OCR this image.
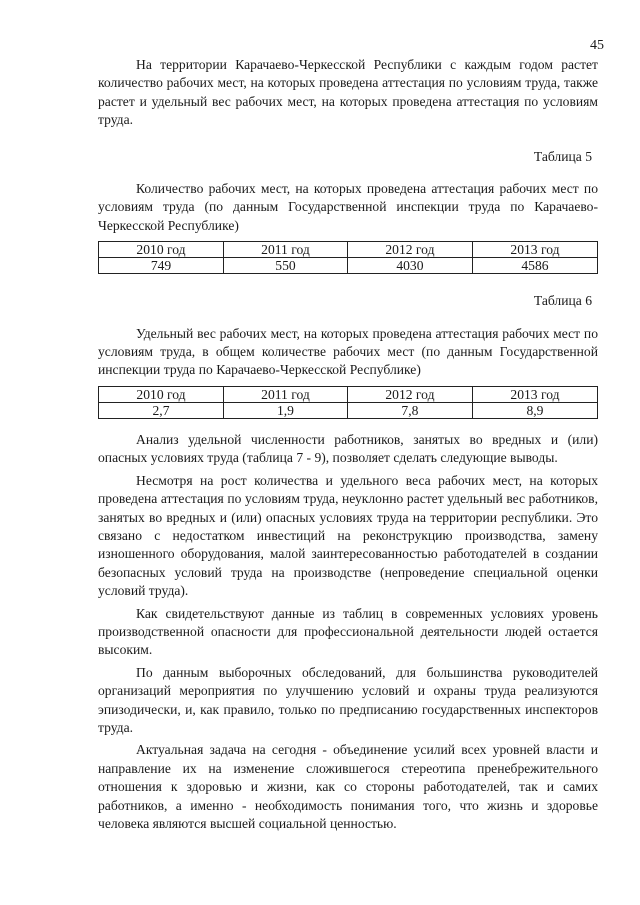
45

На территории Карачаево-Черкесской Республики с каждым годом растет количество рабочих мест, на которых проведена аттестация по условиям труда, также растет и удельный вес рабочих мест, на которых проведена аттестация по условиям труда.

Таблица 5

Количество рабочих мест, на которых проведена аттестация рабочих мест по условиям труда (по данным Государственной инспекции труда по Карачаево-Черкесской Республике)

2010 год	2011 год	2012 год	2013 год
749	550	4030	4586
Таблица 6

Удельный вес рабочих мест, на которых проведена аттестация рабочих мест по условиям труда, в общем количестве рабочих мест (по данным Государственной инспекции труда по Карачаево-Черкесской Республике)

2010 год	2011 год	2012 год	2013 год
2,7	1,9	7,8	8,9

Анализ удельной численности работников, занятых во вредных и (или) опасных условиях труда (таблица 7 - 9), позволяет сделать следующие выводы.

Несмотря на рост количества и удельного веса рабочих мест, на которых проведена аттестация по условиям труда, неуклонно растет удельный вес работников, занятых во вредных и (или) опасных условиях труда на территории республики. Это связано с недостатком инвестиций на реконструкцию производства, замену изношенного оборудования, малой заинтересованностью работодателей в создании безопасных условий труда на производстве (непроведение специальной оценки условий труда).

Как свидетельствуют данные из таблиц в современных условиях уровень производственной опасности для профессиональной деятельности людей остается высоким.

По данным выборочных обследований, для большинства руководителей организаций мероприятия по улучшению условий и охраны труда реализуются эпизодически, и, как правило, только по предписанию государственных инспекторов труда.

Актуальная задача на сегодня - объединение усилий всех уровней власти и направление их на изменение сложившегося стереотипа пренебрежительного отношения к здоровью и жизни, как со стороны работодателей, так и самих работников, а именно - необходимость понимания того, что жизнь и здоровье человека являются высшей социальной ценностью.
